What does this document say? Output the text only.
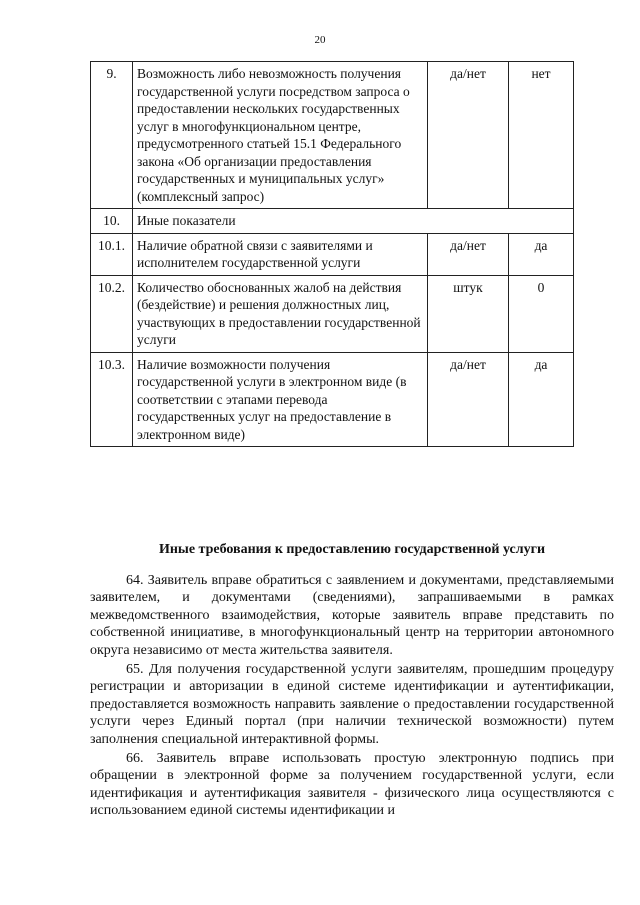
20
9.	Возможность либо невозможность получения государственной услуги посредством запроса о предоставлении нескольких государственных услуг в многофункциональном центре, предусмотренного статьей 15.1 Федерального закона «Об организации предоставления государственных и муниципальных услуг» (комплексный запрос)	да/нет	нет
10.	Иные показатели		
10.1.	Наличие обратной связи с заявителями и исполнителем государственной услуги	да/нет	да
10.2.	Количество обоснованных жалоб на действия (бездействие) и решения должностных лиц, участвующих в предоставлении государственной услуги	штук	0
10.3.	Наличие возможности получения государственной услуги в электронном виде (в соответствии с этапами перевода государственных услуг на предоставление в электронном виде)	да/нет	да
Иные требования к предоставлению государственной услуги

64. Заявитель вправе обратиться с заявлением и документами, представляемыми заявителем, и документами (сведениями), запрашиваемыми в рамках межведомственного взаимодействия, которые заявитель вправе представить по собственной инициативе, в многофункциональный центр на территории автономного округа независимо от места жительства заявителя.

65. Для получения государственной услуги заявителям, прошедшим процедуру регистрации и авторизации в единой системе идентификации и аутентификации, предоставляется возможность направить заявление о предоставлении государственной услуги через Единый портал (при наличии технической возможности) путем заполнения специальной интерактивной формы.

66. Заявитель вправе использовать простую электронную подпись при обращении в электронной форме за получением государственной услуги, если идентификация и аутентификация заявителя - физического лица осуществляются с использованием единой системы идентификации и
